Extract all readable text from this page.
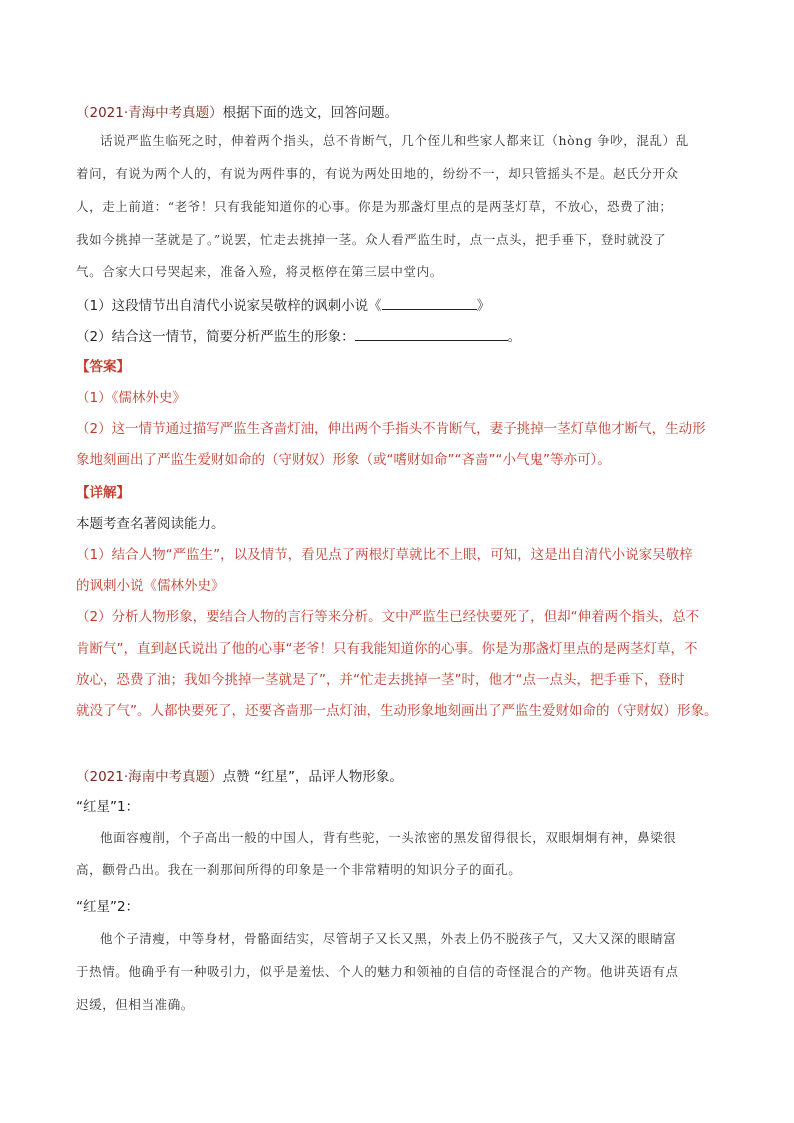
（2021·青海中考真题）根据下面的选文，回答问题。
话说严监生临死之时，伸着两个指头，总不肯断气，几个侄儿和些家人都来讧（hòng 争吵，混乱）乱
着问，有说为两个人的，有说为两件事的，有说为两处田地的，纷纷不一，却只管摇头不是。赵氏分开众
人，走上前道：“老爷！只有我能知道你的心事。你是为那盏灯里点的是两茎灯草，不放心，恐费了油；
我如今挑掉一茎就是了。”说罢，忙走去挑掉一茎。众人看严监生时，点一点头，把手垂下，登时就没了
气。合家大口号哭起来，准备入殓，将灵柩停在第三层中堂内。
（1）这段情节出自清代小说家吴敬梓的讽刺小说《	》
（2）结合这一情节，简要分析严监生的形象：	。
【答案】
（1）《儒林外史》
（2）这一情节通过描写严监生吝啬灯油，伸出两个手指头不肯断气，妻子挑掉一茎灯草他才断气，生动形
象地刻画出了严监生爱财如命的（守财奴）形象（或“嗜财如命”“吝啬”“小气鬼”等亦可）。
【详解】
本题考查名著阅读能力。
（1）结合人物“严监生”，以及情节，看见点了两根灯草就比不上眼，可知，这是出自清代小说家吴敬梓
的讽刺小说《儒林外史》
（2）分析人物形象，要结合人物的言行等来分析。文中严监生已经快要死了，但却“伸着两个指头，总不
肯断气”，直到赵氏说出了他的心事“老爷！只有我能知道你的心事。你是为那盏灯里点的是两茎灯草，不
放心，恐费了油；我如今挑掉一茎就是了”，并“忙走去挑掉一茎”时，他才“点一点头，把手垂下，登时
就没了气”。人都快要死了，还要吝啬那一点灯油，生动形象地刻画出了严监生爱财如命的（守财奴）形象。
（2021·海南中考真题）点赞 “红星”，品评人物形象。
“红星”1：
他面容瘦削，个子高出一般的中国人，背有些驼，一头浓密的黑发留得很长，双眼炯炯有神，鼻梁很
高，颧骨凸出。我在一刹那间所得的印象是一个非常精明的知识分子的面孔。
“红星”2：
他个子清瘦，中等身材，骨骼面结实，尽管胡子又长又黑，外表上仍不脱孩子气，又大又深的眼睛富
于热情。他确乎有一种吸引力，似乎是羞怯、个人的魅力和领袖的自信的奇怪混合的产物。他讲英语有点
迟缓，但相当准确。
